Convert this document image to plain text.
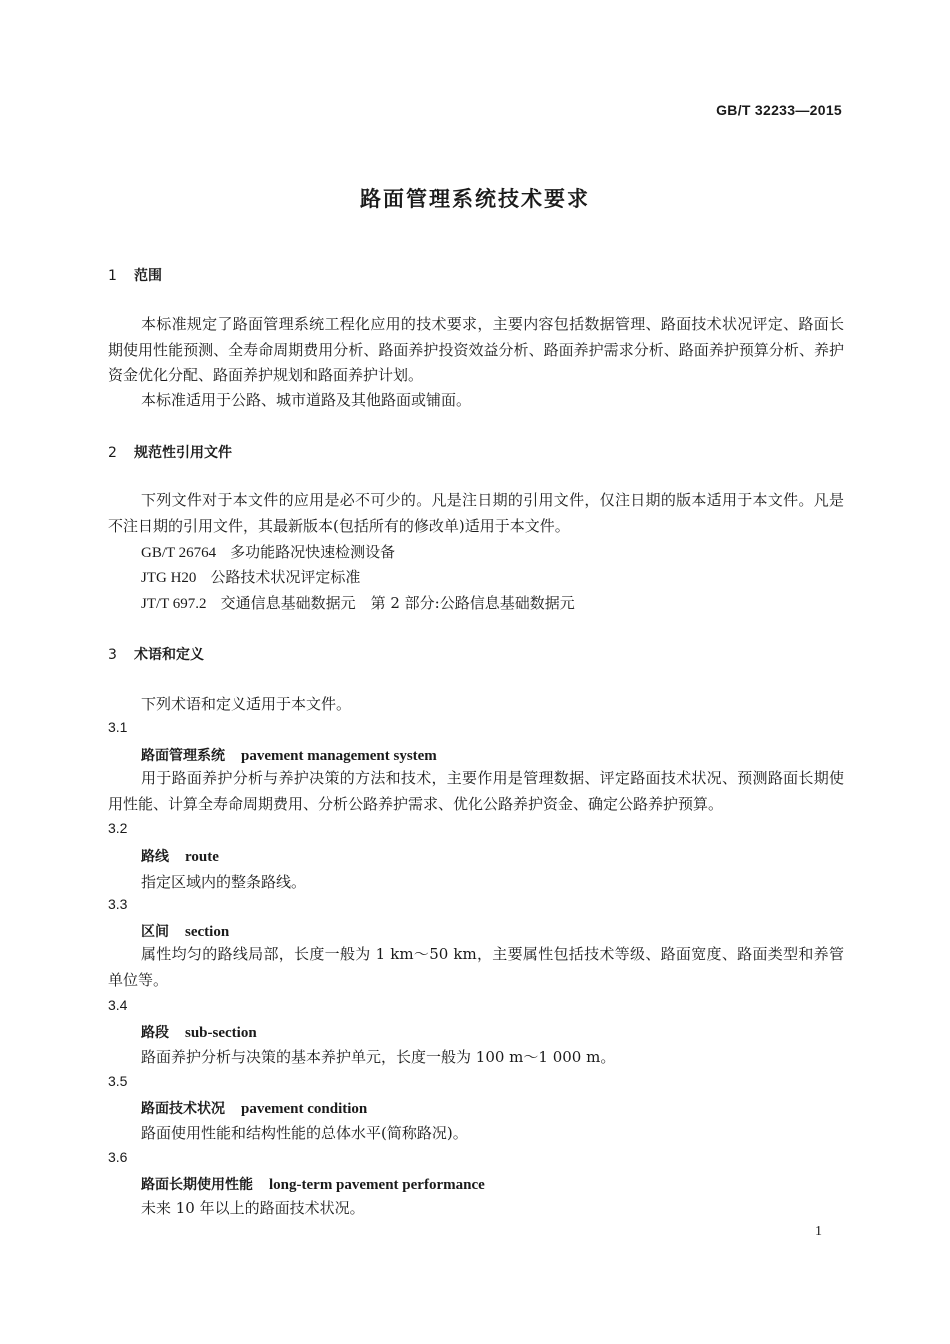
GB/T 32233—2015
路面管理系统技术要求
1 范围

本标准规定了路面管理系统工程化应用的技术要求，主要内容包括数据管理、路面技术状况评定、路面长期使用性能预测、全寿命周期费用分析、路面养护投资效益分析、路面养护需求分析、路面养护预算分析、养护资金优化分配、路面养护规划和路面养护计划。

本标准适用于公路、城市道路及其他路面或铺面。

2 规范性引用文件

下列文件对于本文件的应用是必不可少的。凡是注日期的引用文件，仅注日期的版本适用于本文件。凡是不注日期的引用文件，其最新版本(包括所有的修改单)适用于本文件。

GB/T 26764 多功能路况快速检测设备
JTG H20 公路技术状况评定标准
JT/T 697.2 交通信息基础数据元　第 2 部分:公路信息基础数据元
3 术语和定义
下列术语和定义适用于本文件。
3.1
路面管理系统 pavement management system

用于路面养护分析与养护决策的方法和技术，主要作用是管理数据、评定路面技术状况、预测路面长期使用性能、计算全寿命周期费用、分析公路养护需求、优化公路养护资金、确定公路养护预算。

3.2
路线 route
指定区域内的整条路线。
3.3
区间 section

属性均匀的路线局部，长度一般为 1 km～50 km，主要属性包括技术等级、路面宽度、路面类型和养管单位等。

3.4
路段 sub-section
路面养护分析与决策的基本养护单元，长度一般为 100 m～1 000 m。
3.5
路面技术状况 pavement condition
路面使用性能和结构性能的总体水平(简称路况)。
3.6
路面长期使用性能 long-term pavement performance
未来 10 年以上的路面技术状况。
1
